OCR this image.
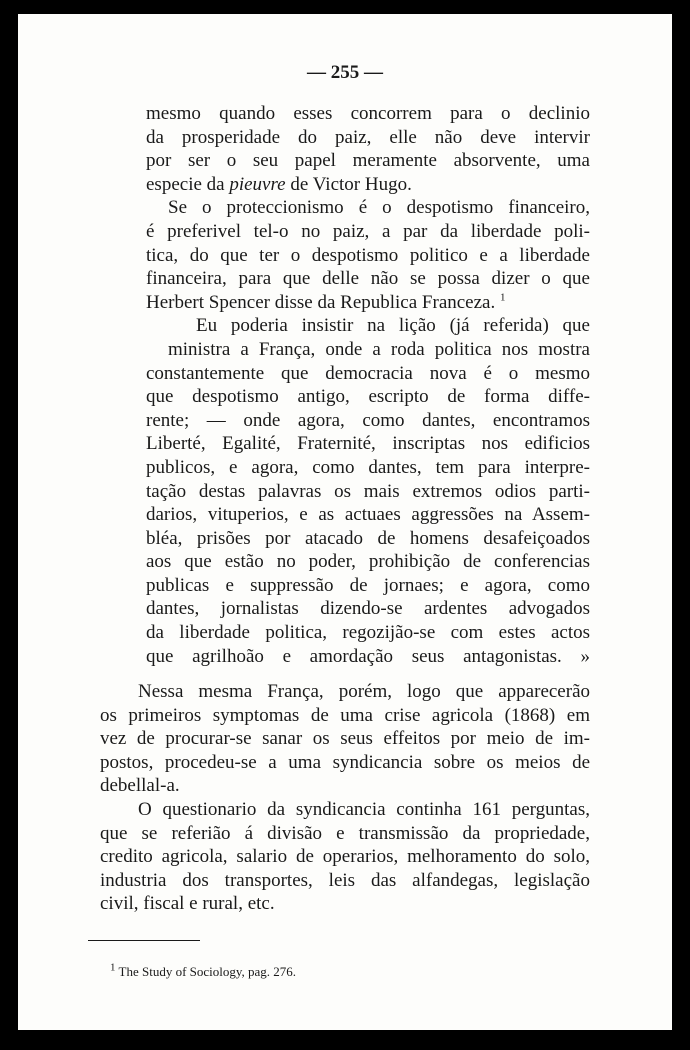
— 255 —

mesmo quando esses concorrem para o declinio
da prosperidade do paiz, elle não deve intervir
por ser o seu papel meramente absorvente, uma
especie da pieuvre de Victor Hugo.

Se o proteccionismo é o despotismo financeiro,
é preferivel tel-o no paiz, a par da liberdade poli-
tica, do que ter o despotismo politico e a liberdade
financeira, para que delle não se possa dizer o que
Herbert Spencer disse da Republica Franceza. $^1$

Eu poderia insistir na lição (já referida) que
ministra a França, onde a roda politica nos mostra
constantemente que democracia nova é o mesmo
que despotismo antigo, escripto de forma diffe-
rente; — onde agora, como dantes, encontramos
Liberté, Egalité, Fraternité, inscriptas nos edificios
publicos, e agora, como dantes, tem para interpre-
tação destas palavras os mais extremos odios parti-
darios, vituperios, e as actuaes aggressões na Assem-
bléa, prisões por atacado de homens desafeiçoados
aos que estão no poder, prohibição de conferencias
publicas e suppressão de jornaes; e agora, como
dantes, jornalistas dizendo-se ardentes advogados
da liberdade politica, regozijão-se com estes actos
que agrilhoão e amordação seus antagonistas. »

Nessa mesma França, porém, logo que apparecerão
os primeiros symptomas de uma crise agricola (1868) em
vez de procurar-se sanar os seus effeitos por meio de im-
postos, procedeu-se a uma syndicancia sobre os meios de
debellal-a.

O questionario da syndicancia continha 161 perguntas,
que se referião á divisão e transmissão da propriedade,
credito agricola, salario de operarios, melhoramento do solo,
industria dos transportes, leis das alfandegas, legislação
civil, fiscal e rural, etc.

$^1$ The Study of Sociology, pag. 276.
